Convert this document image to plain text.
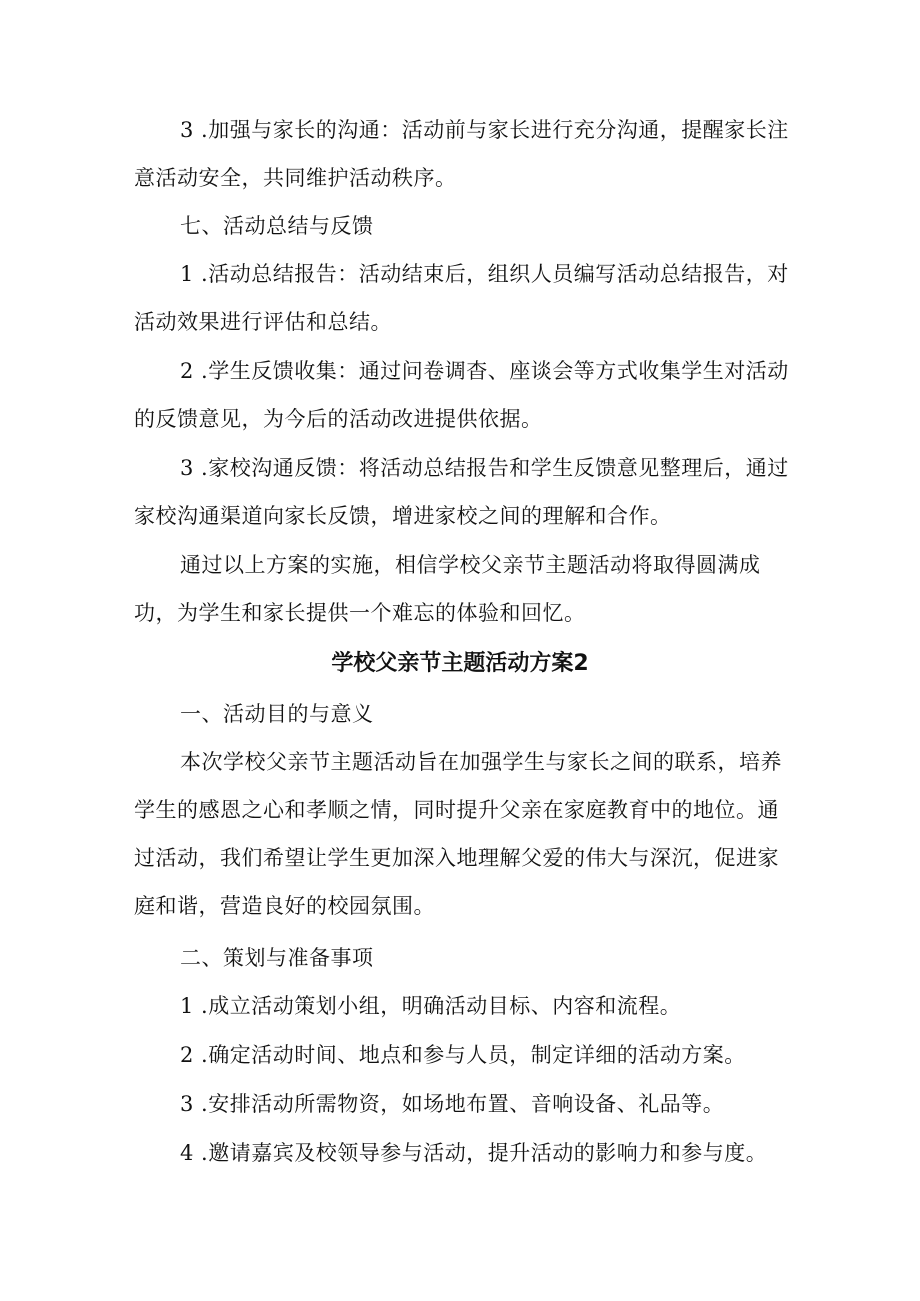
3 .加强与家长的沟通：活动前与家长进行充分沟通，提醒家长注意活动安全，共同维护活动秩序。

七、活动总结与反馈

1 .活动总结报告：活动结束后，组织人员编写活动总结报告，对活动效果进行评估和总结。

2 .学生反馈收集：通过问卷调杳、座谈会等方式收集学生对活动的反馈意见，为今后的活动改进提供依据。

3 .家校沟通反馈：将活动总结报告和学生反馈意见整理后，通过家校沟通渠道向家长反馈，增进家校之间的理解和合作。

通过以上方案的实施，相信学校父亲节主题活动将取得圆满成功，为学生和家长提供一个难忘的体验和回忆。

学校父亲节主题活动方案2

一、活动目的与意义

本次学校父亲节主题活动旨在加强学生与家长之间的联系，培养学生的感恩之心和孝顺之情，同时提升父亲在家庭教育中的地位。通过活动，我们希望让学生更加深入地理解父爱的伟大与深沉，促进家庭和谐，营造良好的校园氛围。

二、策划与准备事项

1 .成立活动策划小组，明确活动目标、内容和流程。

2 .确定活动时间、地点和参与人员，制定详细的活动方案。

3 .安排活动所需物资，如场地布置、音响设备、礼品等。

4 .邀请嘉宾及校领导参与活动，提升活动的影响力和参与度。
